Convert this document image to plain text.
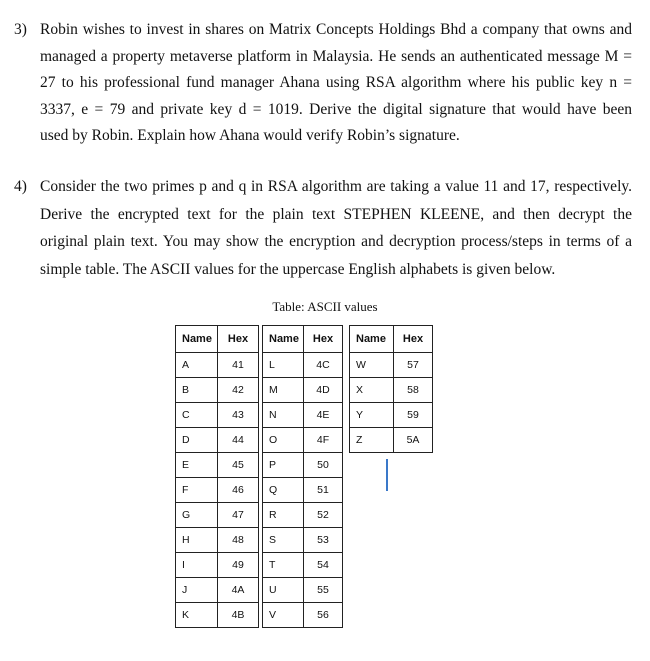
3) Robin wishes to invest in shares on Matrix Concepts Holdings Bhd a company that owns and
managed a property metaverse platform in Malaysia. He sends an authenticated message M =
27 to his professional fund manager Ahana using RSA algorithm where his public key n =
3337, e = 79 and private key d = 1019. Derive the digital signature that would have been
used by Robin. Explain how Ahana would verify Robin’s signature.
4) Consider the two primes p and q in RSA algorithm are taking a value 11 and 17, respectively.
Derive the encrypted text for the plain text STEPHEN KLEENE, and then decrypt the
original plain text. You may show the encryption and decryption process/steps in terms of a
simple table. The ASCII values for the uppercase English alphabets is given below.
Table: ASCII values
Name	Hex
A	41
B	42
C	43
D	44
E	45
F	46
G	47
H	48
I	49
J	4A
K	4B
Name	Hex
L	4C
M	4D
N	4E
O	4F
P	50
Q	51
R	52
S	53
T	54
U	55
V	56
Name	Hex
W	57
X	58
Y	59
Z	5A
